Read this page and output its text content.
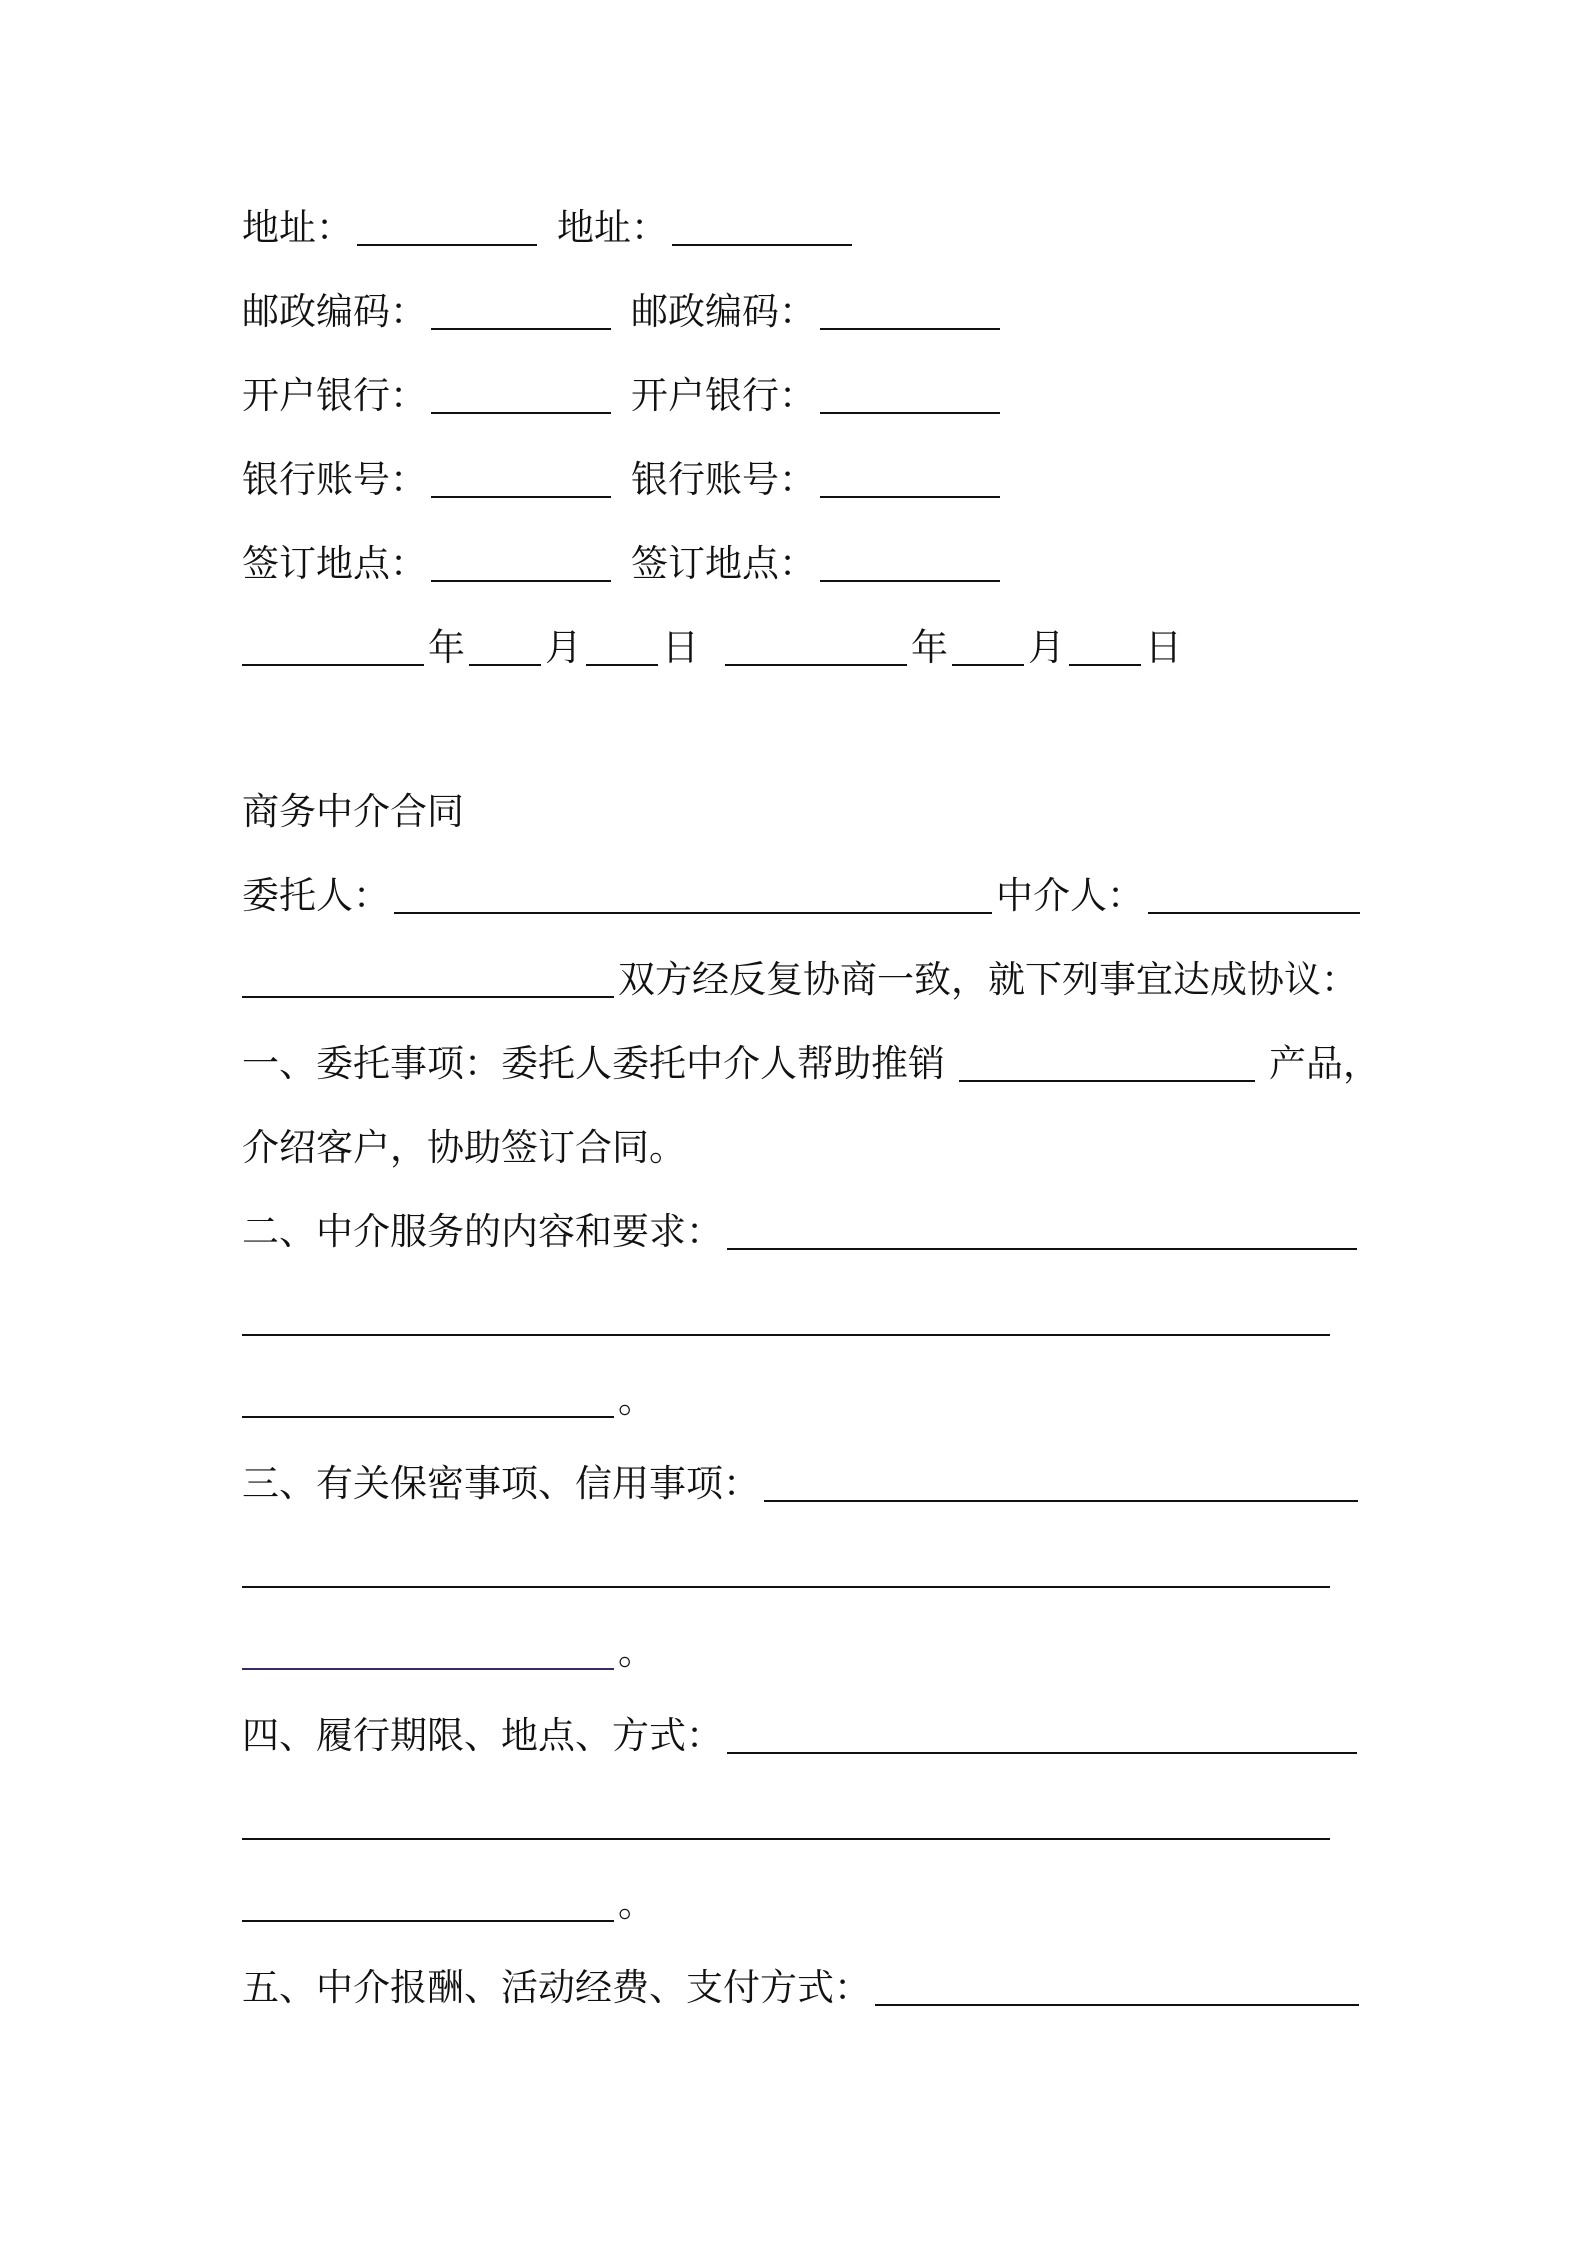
地址：	地址：
邮政编码：	邮政编码：
开户银行：	开户银行：
银行账号：	银行账号：
签订地点：	签订地点：
年 月 日	年 月 日
商务中介合同
委托人：	中介人：
双方经反复协商一致，就下列事宜达成协议：
一、委托事项：委托人委托中介人帮助推销	产品，
介绍客户，协助签订合同。
二、中介服务的内容和要求：
。
三、有关保密事项、信用事项：
。
四、履行期限、地点、方式：
。
五、中介报酬、活动经费、支付方式：
